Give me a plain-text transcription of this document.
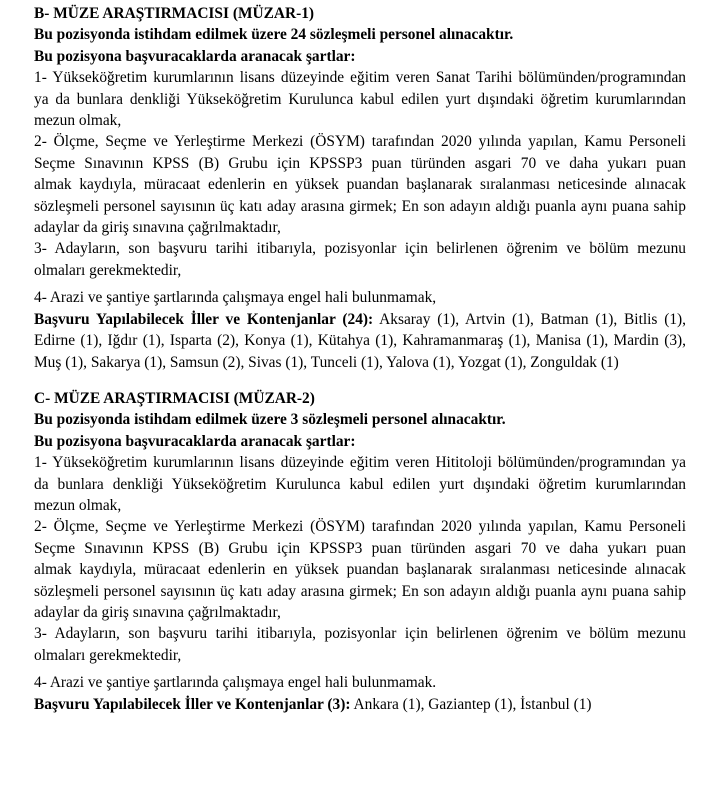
B- MÜZE ARAŞTIRMACISI (MÜZAR-1)

Bu pozisyonda istihdam edilmek üzere 24 sözleşmeli personel alınacaktır.

Bu pozisyona başvuracaklarda aranacak şartlar:

1- Yükseköğretim kurumlarının lisans düzeyinde eğitim veren Sanat Tarihi bölümünden/programından

ya da bunlara denkliği Yükseköğretim Kurulunca kabul edilen yurt dışındaki öğretim kurumlarından

mezun olmak,

2- Ölçme, Seçme ve Yerleştirme Merkezi (ÖSYM) tarafından 2020 yılında yapılan, Kamu Personeli

Seçme Sınavının KPSS (B) Grubu için KPSSP3 puan türünden asgari 70 ve daha yukarı puan

almak kaydıyla, müracaat edenlerin en yüksek puandan başlanarak sıralanması neticesinde alınacak

sözleşmeli personel sayısının üç katı aday arasına girmek; En son adayın aldığı puanla aynı puana sahip

adaylar da giriş sınavına çağrılmaktadır,

3- Adayların, son başvuru tarihi itibarıyla, pozisyonlar için belirlenen öğrenim ve bölüm mezunu

olmaları gerekmektedir,

4- Arazi ve şantiye şartlarında çalışmaya engel hali bulunmamak,

Başvuru Yapılabilecek İller ve Kontenjanlar (24): Aksaray (1), Artvin (1), Batman (1), Bitlis (1),

Edirne (1), Iğdır (1), Isparta (2), Konya (1), Kütahya (1), Kahramanmaraş (1), Manisa (1), Mardin (3),

Muş (1), Sakarya (1), Samsun (2), Sivas (1), Tunceli (1), Yalova (1), Yozgat (1), Zonguldak (1)

C- MÜZE ARAŞTIRMACISI (MÜZAR-2)

Bu pozisyonda istihdam edilmek üzere 3 sözleşmeli personel alınacaktır.

Bu pozisyona başvuracaklarda aranacak şartlar:

1- Yükseköğretim kurumlarının lisans düzeyinde eğitim veren Hititoloji bölümünden/programından ya

da bunlara denkliği Yükseköğretim Kurulunca kabul edilen yurt dışındaki öğretim kurumlarından

mezun olmak,

2- Ölçme, Seçme ve Yerleştirme Merkezi (ÖSYM) tarafından 2020 yılında yapılan, Kamu Personeli

Seçme Sınavının KPSS (B) Grubu için KPSSP3 puan türünden asgari 70 ve daha yukarı puan

almak kaydıyla, müracaat edenlerin en yüksek puandan başlanarak sıralanması neticesinde alınacak

sözleşmeli personel sayısının üç katı aday arasına girmek; En son adayın aldığı puanla aynı puana sahip

adaylar da giriş sınavına çağrılmaktadır,

3- Adayların, son başvuru tarihi itibarıyla, pozisyonlar için belirlenen öğrenim ve bölüm mezunu

olmaları gerekmektedir,

4- Arazi ve şantiye şartlarında çalışmaya engel hali bulunmamak.

Başvuru Yapılabilecek İller ve Kontenjanlar (3): Ankara (1), Gaziantep (1), İstanbul (1)
